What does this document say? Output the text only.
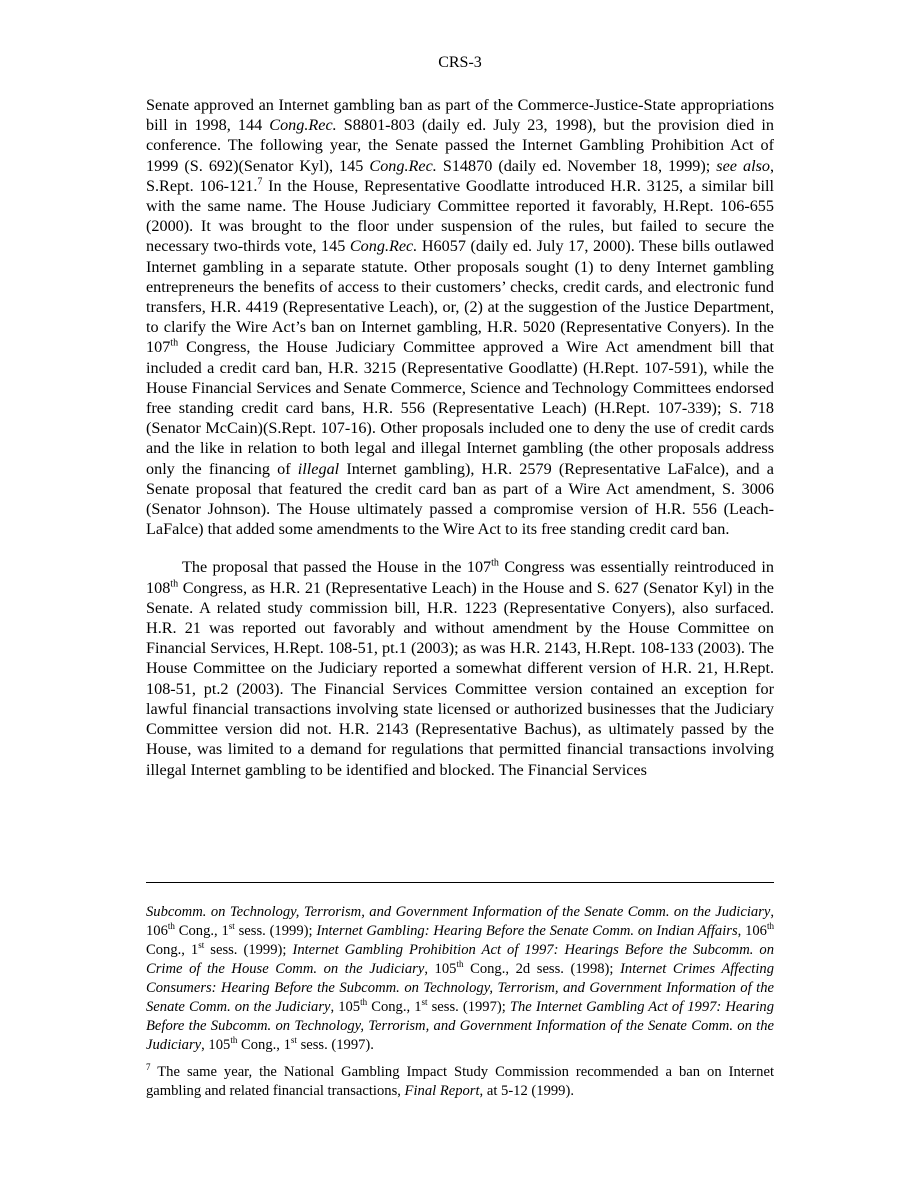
CRS-3

Senate approved an Internet gambling ban as part of the Commerce-Justice-State appropriations bill in 1998, 144 Cong.Rec. S8801-803 (daily ed. July 23, 1998), but the provision died in conference. The following year, the Senate passed the Internet Gambling Prohibition Act of 1999 (S. 692)(Senator Kyl), 145 Cong.Rec. S14870 (daily ed. November 18, 1999); see also, S.Rept. 106-121.$^7$ In the House, Representative Goodlatte introduced H.R. 3125, a similar bill with the same name. The House Judiciary Committee reported it favorably, H.Rept. 106-655 (2000). It was brought to the floor under suspension of the rules, but failed to secure the necessary two-thirds vote, 145 Cong.Rec. H6057 (daily ed. July 17, 2000). These bills outlawed Internet gambling in a separate statute. Other proposals sought (1) to deny Internet gambling entrepreneurs the benefits of access to their customers’ checks, credit cards, and electronic fund transfers, H.R. 4419 (Representative Leach), or, (2) at the suggestion of the Justice Department, to clarify the Wire Act’s ban on Internet gambling, H.R. 5020 (Representative Conyers). In the 107th Congress, the House Judiciary Committee approved a Wire Act amendment bill that included a credit card ban, H.R. 3215 (Representative Goodlatte) (H.Rept. 107-591), while the House Financial Services and Senate Commerce, Science and Technology Committees endorsed free standing credit card bans, H.R. 556 (Representative Leach) (H.Rept. 107-339); S. 718 (Senator McCain)(S.Rept. 107-16). Other proposals included one to deny the use of credit cards and the like in relation to both legal and illegal Internet gambling (the other proposals address only the financing of illegal Internet gambling), H.R. 2579 (Representative LaFalce), and a Senate proposal that featured the credit card ban as part of a Wire Act amendment, S. 3006 (Senator Johnson). The House ultimately passed a compromise version of H.R. 556 (Leach-LaFalce) that added some amendments to the Wire Act to its free standing credit card ban.

The proposal that passed the House in the 107th Congress was essentially reintroduced in 108th Congress, as H.R. 21 (Representative Leach) in the House and S. 627 (Senator Kyl) in the Senate. A related study commission bill, H.R. 1223 (Representative Conyers), also surfaced. H.R. 21 was reported out favorably and without amendment by the House Committee on Financial Services, H.Rept. 108-51, pt.1 (2003); as was H.R. 2143, H.Rept. 108-133 (2003). The House Committee on the Judiciary reported a somewhat different version of H.R. 21, H.Rept. 108-51, pt.2 (2003). The Financial Services Committee version contained an exception for lawful financial transactions involving state licensed or authorized businesses that the Judiciary Committee version did not. H.R. 2143 (Representative Bachus), as ultimately passed by the House, was limited to a demand for regulations that permitted financial transactions involving illegal Internet gambling to be identified and blocked. The Financial Services

Subcomm. on Technology, Terrorism, and Government Information of the Senate Comm. on the Judiciary, 106th Cong., 1st sess. (1999); Internet Gambling: Hearing Before the Senate Comm. on Indian Affairs, 106th Cong., 1st sess. (1999); Internet Gambling Prohibition Act of 1997: Hearings Before the Subcomm. on Crime of the House Comm. on the Judiciary, 105th Cong., 2d sess. (1998); Internet Crimes Affecting Consumers: Hearing Before the Subcomm. on Technology, Terrorism, and Government Information of the Senate Comm. on the Judiciary, 105th Cong., 1st sess. (1997); The Internet Gambling Act of 1997: Hearing Before the Subcomm. on Technology, Terrorism, and Government Information of the Senate Comm. on the Judiciary, 105th Cong., 1st sess. (1997).

$^7$ The same year, the National Gambling Impact Study Commission recommended a ban on Internet gambling and related financial transactions, Final Report, at 5-12 (1999).
